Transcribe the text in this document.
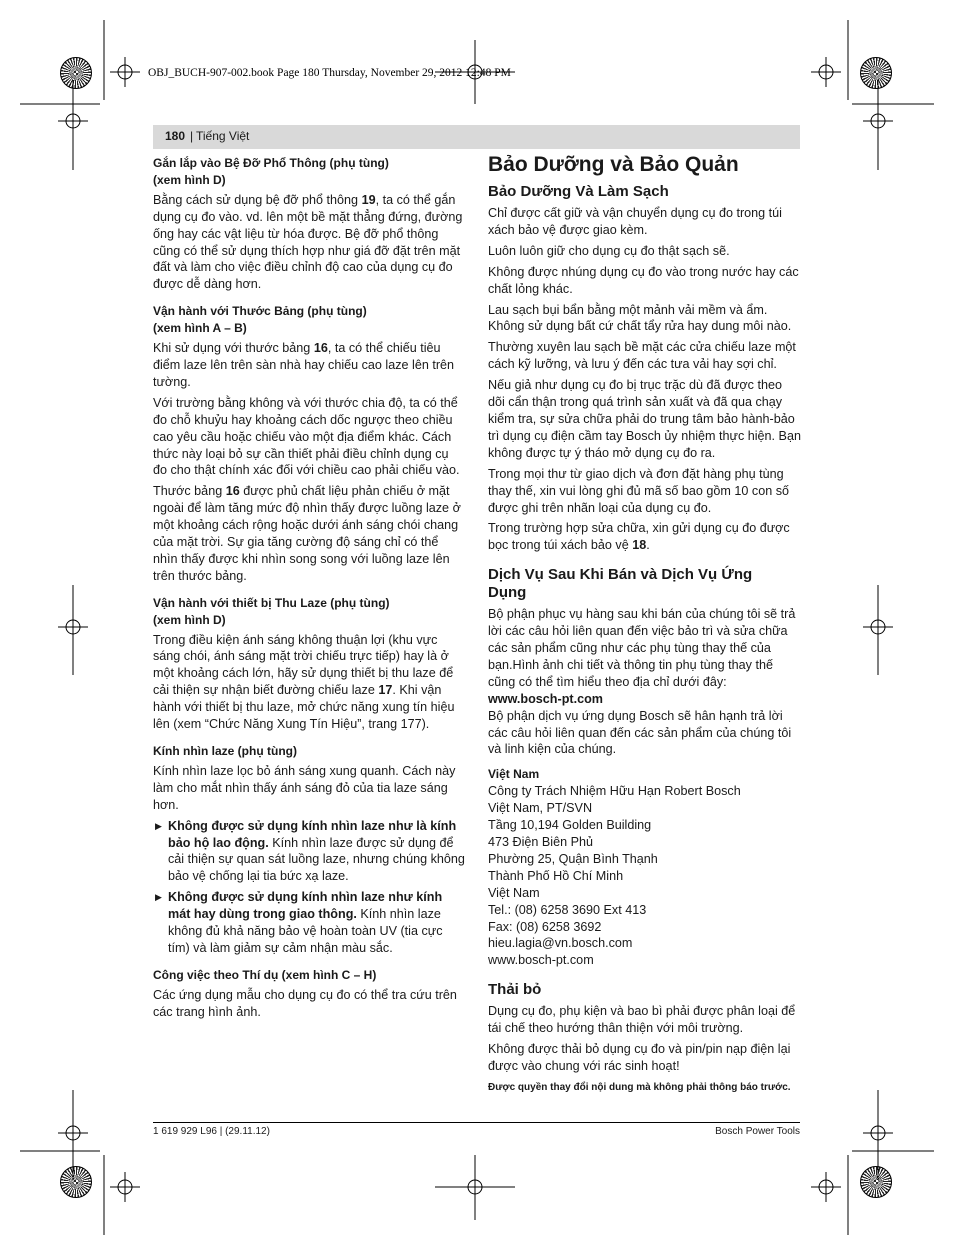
OBJ_BUCH-907-002.book Page 180 Thursday, November 29, 2012 12:48 PM
180 | Tiếng Việt
Gắn lắp vào Bệ Đỡ Phổ Thông (phụ tùng)
(xem hình D)

Bằng cách sử dụng bệ đỡ phổ thông 19, ta có thể gắn dụng cụ đo vào. vd. lên một bề mặt thẳng đứng, đường ống hay các vật liệu từ hóa được. Bệ đỡ phổ thông cũng có thể sử dụng thích hợp như giá đỡ đặt trên mặt đất và làm cho việc điều chỉnh độ cao của dụng cụ đo được dễ dàng hơn.

Vận hành với Thước Bảng (phụ tùng)
(xem hình A – B)

Khi sử dụng với thước bảng 16, ta có thể chiếu tiêu điểm laze lên trên sàn nhà hay chiếu cao laze lên trên tường.

Với trường bằng không và với thước chia độ, ta có thể đo chỗ khuỷu hay khoảng cách dốc ngược theo chiều cao yêu cầu hoặc chiếu vào một địa điểm khác. Cách thức này loại bỏ sự cần thiết phải điều chỉnh dụng cụ đo cho thật chính xác đối với chiều cao phải chiếu vào.

Thước bảng 16 được phủ chất liệu phản chiếu ở mặt ngoài để làm tăng mức độ nhìn thấy được luồng laze ở một khoảng cách rộng hoặc dưới ánh sáng chói chang của mặt trời. Sự gia tăng cường độ sáng chỉ có thể nhìn thấy được khi nhìn song song với luồng laze lên trên thước bảng.

Vận hành với thiết bị Thu Laze (phụ tùng)
(xem hình D)

Trong điều kiện ánh sáng không thuận lợi (khu vực sáng chói, ánh sáng mặt trời chiếu trực tiếp) hay là ở một khoảng cách lớn, hãy sử dụng thiết bị thu laze để cải thiện sự nhận biết đường chiếu laze 17. Khi vận hành với thiết bị thu laze, mở chức năng xung tín hiệu lên (xem “Chức Năng Xung Tín Hiệu”, trang 177).

Kính nhìn laze (phụ tùng)

Kính nhìn laze lọc bỏ ánh sáng xung quanh. Cách này làm cho mắt nhìn thấy ánh sáng đỏ của tia laze sáng hơn.

▶ Không được sử dụng kính nhìn laze như là kính bảo hộ lao động. Kính nhìn laze được sử dụng để cải thiện sự quan sát luồng laze, nhưng chúng không bảo vệ chống lại tia bức xạ laze.
▶ Không được sử dụng kính nhìn laze như kính mát hay dùng trong giao thông. Kính nhìn laze không đủ khả năng bảo vệ hoàn toàn UV (tia cực tím) và làm giảm sự cảm nhận màu sắc.
Công việc theo Thí dụ (xem hình C – H)

Các ứng dụng mẫu cho dụng cụ đo có thể tra cứu trên các trang hình ảnh.

Bảo Dưỡng và Bảo Quản
Bảo Dưỡng Và Làm Sạch

Chỉ được cất giữ và vận chuyển dụng cụ đo trong túi xách bảo vệ được giao kèm.

Luôn luôn giữ cho dụng cụ đo thật sạch sẽ.

Không được nhúng dụng cụ đo vào trong nước hay các chất lỏng khác.

Lau sạch bụi bẩn bằng một mảnh vải mềm và ẩm. Không sử dụng bất cứ chất tẩy rửa hay dung môi nào.

Thường xuyên lau sạch bề mặt các cửa chiếu laze một cách kỹ lưỡng, và lưu ý đến các tưa vải hay sợi chỉ.

Nếu giả như dụng cụ đo bị trục trặc dù đã được theo dõi cẩn thận trong quá trình sản xuất và đã qua chạy kiểm tra, sự sửa chữa phải do trung tâm bảo hành-bảo trì dụng cụ điện cầm tay Bosch ủy nhiệm thực hiện. Bạn không được tự ý tháo mở dụng cụ đo ra.

Trong mọi thư từ giao dịch và đơn đặt hàng phụ tùng thay thế, xin vui lòng ghi đủ mã số bao gồm 10 con số được ghi trên nhãn loại của dụng cụ đo.

Trong trường hợp sửa chữa, xin gửi dụng cụ đo được bọc trong túi xách bảo vệ 18.

Dịch Vụ Sau Khi Bán và Dịch Vụ Ứng
Dụng

Bộ phận phục vụ hàng sau khi bán của chúng tôi sẽ trả lời các câu hỏi liên quan đến việc bảo trì và sửa chữa các sản phẩm cũng như các phụ tùng thay thế của bạn.Hình ảnh chi tiết và thông tin phụ tùng thay thế cũng có thể tìm hiểu theo địa chỉ dưới đây:

www.bosch-pt.com

Bộ phận dịch vụ ứng dụng Bosch sẽ hân hạnh trả lời các câu hỏi liên quan đến các sản phẩm của chúng tôi và linh kiện của chúng.

Việt Nam
Công ty Trách Nhiệm Hữu Hạn Robert Bosch
Việt Nam, PT/SVN
Tầng 10,194 Golden Building
473 Điện Biên Phủ
Phường 25, Quận Bình Thạnh
Thành Phố Hồ Chí Minh
Việt Nam
Tel.: (08) 6258 3690 Ext 413
Fax: (08) 6258 3692
hieu.lagia@vn.bosch.com
www.bosch-pt.com
Thải bỏ

Dụng cụ đo, phụ kiện và bao bì phải được phân loại để tái chế theo hướng thân thiện với môi trường.

Không được thải bỏ dụng cụ đo và pin/pin nạp điện lại được vào chung với rác sinh hoạt!

Được quyền thay đổi nội dung mà không phải thông báo trước.
1 619 929 L96 | (29.11.12)	Bosch Power Tools
